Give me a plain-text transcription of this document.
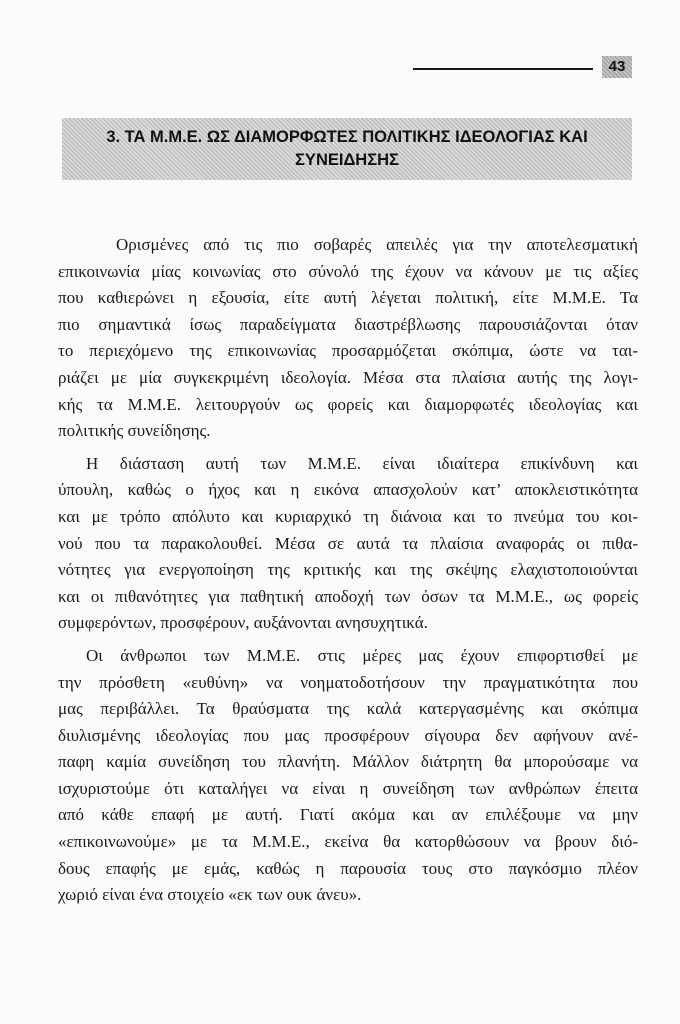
43
3. ΤΑ Μ.Μ.Ε. ΩΣ ΔΙΑΜΟΡΦΩΤΕΣ ΠΟΛΙΤΙΚΗΣ ΙΔΕΟΛΟΓΙΑΣ ΚΑΙ
ΣΥΝΕΙΔΗΣΗΣ
Ορισμένες από τις πιο σοβαρές απειλές για την αποτελεσματική
επικοινωνία μίας κοινωνίας στο σύνολό της έχουν να κάνουν με τις αξίες
που καθιερώνει η εξουσία, είτε αυτή λέγεται πολιτική, είτε Μ.Μ.Ε. Τα
πιο σημαντικά ίσως παραδείγματα διαστρέβλωσης παρουσιάζονται όταν
το περιεχόμενο της επικοινωνίας προσαρμόζεται σκόπιμα, ώστε να ται-
ριάζει με μία συγκεκριμένη ιδεολογία. Μέσα στα πλαίσια αυτής της λογι-
κής τα Μ.Μ.Ε. λειτουργούν ως φορείς και διαμορφωτές ιδεολογίας και
πολιτικής συνείδησης.
Η διάσταση αυτή των Μ.Μ.Ε. είναι ιδιαίτερα επικίνδυνη και
ύπουλη, καθώς ο ήχος και η εικόνα απασχολούν κατ’ αποκλειστικότητα
και με τρόπο απόλυτο και κυριαρχικό τη διάνοια και το πνεύμα του κοι-
νού που τα παρακολουθεί. Μέσα σε αυτά τα πλαίσια αναφοράς οι πιθα-
νότητες για ενεργοποίηση της κριτικής και της σκέψης ελαχιστοποιούνται
και οι πιθανότητες για παθητική αποδοχή των όσων τα Μ.Μ.Ε., ως φορείς
συμφερόντων, προσφέρουν, αυξάνονται ανησυχητικά.
Οι άνθρωποι των Μ.Μ.Ε. στις μέρες μας έχουν επιφορτισθεί με
την πρόσθετη «ευθύνη» να νοηματοδοτήσουν την πραγματικότητα που
μας περιβάλλει. Τα θραύσματα της καλά κατεργασμένης και σκόπιμα
διυλισμένης ιδεολογίας που μας προσφέρουν σίγουρα δεν αφήνουν ανέ-
παφη καμία συνείδηση του πλανήτη. Μάλλον διάτρητη θα μπορούσαμε να
ισχυριστούμε ότι καταλήγει να είναι η συνείδηση των ανθρώπων έπειτα
από κάθε επαφή με αυτή. Γιατί ακόμα και αν επιλέξουμε να μην
«επικοινωνούμε» με τα Μ.Μ.Ε., εκείνα θα κατορθώσουν να βρουν διό-
δους επαφής με εμάς, καθώς η παρουσία τους στο παγκόσμιο πλέον
χωριό είναι ένα στοιχείο «εκ των ουκ άνευ».
